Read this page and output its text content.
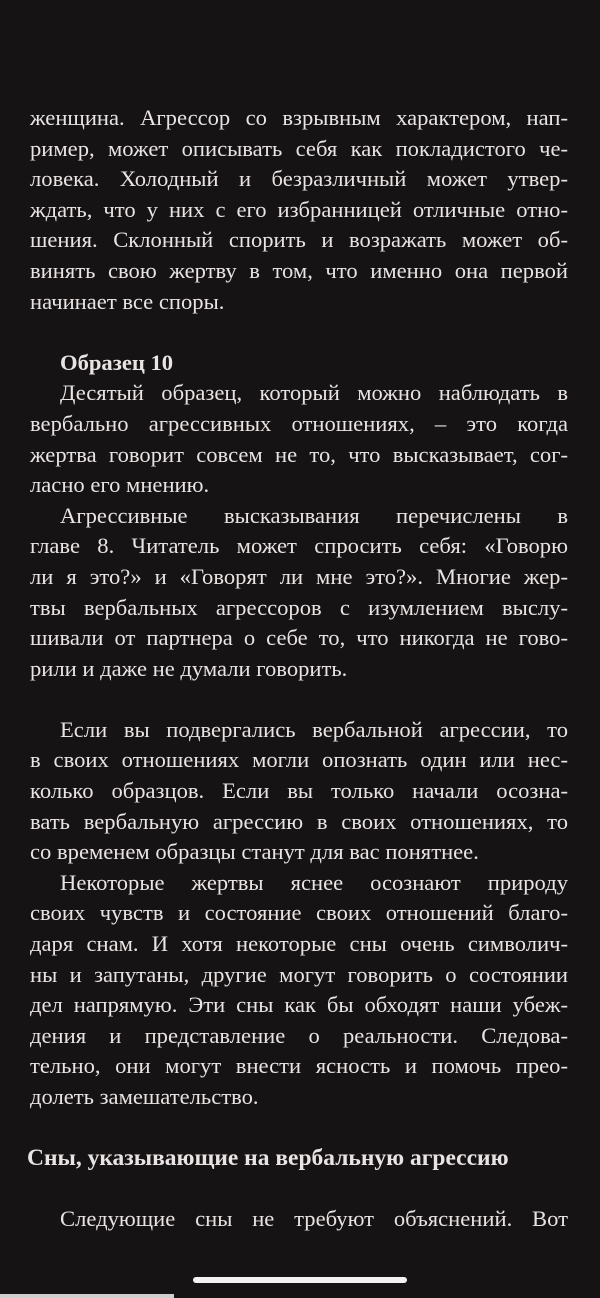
женщина. Агрессор со взрывным характером, нап-
ример, может описывать себя как покладистого че-
ловека. Холодный и безразличный может утвер-
ждать, что у них с его избранницей отличные отно-
шения. Склонный спорить и возражать может об-
винять свою жертву в том, что именно она первой
начинает все споры.
Образец 10
Десятый образец, который можно наблюдать в
вербально агрессивных отношениях, – это когда
жертва говорит совсем не то, что высказывает, сог-
ласно его мнению.
Агрессивные высказывания перечислены в
главе 8. Читатель может спросить себя: «Говорю
ли я это?» и «Говорят ли мне это?». Многие жер-
твы вербальных агрессоров с изумлением выслу-
шивали от партнера о себе то, что никогда не гово-
рили и даже не думали говорить.
Если вы подвергались вербальной агрессии, то
в своих отношениях могли опознать один или нес-
колько образцов. Если вы только начали осозна-
вать вербальную агрессию в своих отношениях, то
со временем образцы станут для вас понятнее.
Некоторые жертвы яснее осознают природу
своих чувств и состояние своих отношений благо-
даря снам. И хотя некоторые сны очень символич-
ны и запутаны, другие могут говорить о состоянии
дел напрямую. Эти сны как бы обходят наши убеж-
дения и представление о реальности. Следова-
тельно, они могут внести ясность и помочь прео-
долеть замешательство.
Сны, указывающие на вербальную агрессию
Следующие сны не требуют объяснений. Вот
